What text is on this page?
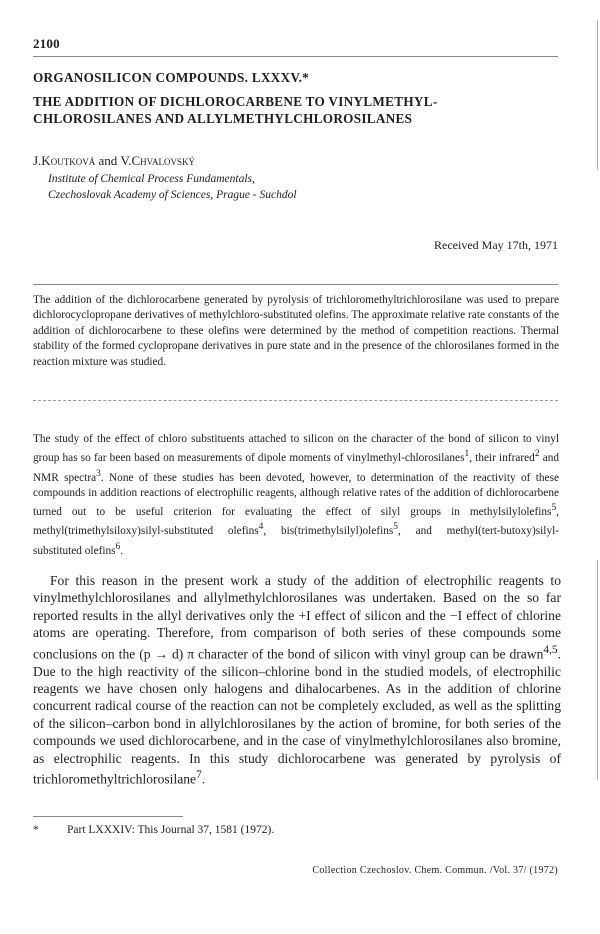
2100
ORGANOSILICON COMPOUNDS. LXXXV.*
THE ADDITION OF DICHLOROCARBENE TO VINYLMETHYL-
CHLOROSILANES AND ALLYLMETHYLCHLOROSILANES
J.Koutková and V.Chvalovský
Institute of Chemical Process Fundamentals,
Czechoslovak Academy of Sciences, Prague - Suchdol
Received May 17th, 1971

The addition of the dichlorocarbene generated by pyrolysis of trichloromethyltrichlorosilane was used to prepare dichlorocyclopropane derivatives of methylchloro-substituted olefins. The approximate relative rate constants of the addition of dichlorocarbene to these olefins were determined by the method of competition reactions. Thermal stability of the formed cyclopropane derivatives in pure state and in the presence of the chlorosilanes formed in the reaction mixture was studied.

The study of the effect of chloro substituents attached to silicon on the character of the bond of silicon to vinyl group has so far been based on measurements of dipole moments of vinylmethyl-chlorosilanes$^1$, their infrared$^2$ and NMR spectra$^3$. None of these studies has been devoted, however, to determination of the reactivity of these compounds in addition reactions of electrophilic reagents, although relative rates of the addition of dichlorocarbene turned out to be useful criterion for evaluating the effect of silyl groups in methylsilylolefins$^5$, methyl(trimethylsiloxy)silyl-substituted olefins$^4$, bis(trimethylsilyl)olefins$^5$, and methyl(tert-butoxy)silyl-substituted olefins$^6$.

For this reason in the present work a study of the addition of electrophilic reagents to vinylmethylchlorosilanes and allylmethylchlorosilanes was undertaken. Based on the so far reported results in the allyl derivatives only the +I effect of silicon and the −I effect of chlorine atoms are operating. Therefore, from comparison of both series of these compounds some conclusions on the (p → d) π character of the bond of silicon with vinyl group can be drawn$^{4,5}$. Due to the high reactivity of the silicon–chlorine bond in the studied models, of electrophilic reagents we have chosen only halogens and dihalocarbenes. As in the addition of chlorine concurrent radical course of the reaction can not be completely excluded, as well as the splitting of the silicon–carbon bond in allylchlorosilanes by the action of bromine, for both series of the compounds we used dichlorocarbene, and in the case of vinylmethylchlorosilanes also bromine, as electrophilic reagents. In this study dichlorocarbene was generated by pyrolysis of trichloromethyltrichlorosilane$^7$.

* Part LXXXIV: This Journal 37, 1581 (1972).
Collection Czechoslov. Chem. Commun. /Vol. 37/ (1972)
